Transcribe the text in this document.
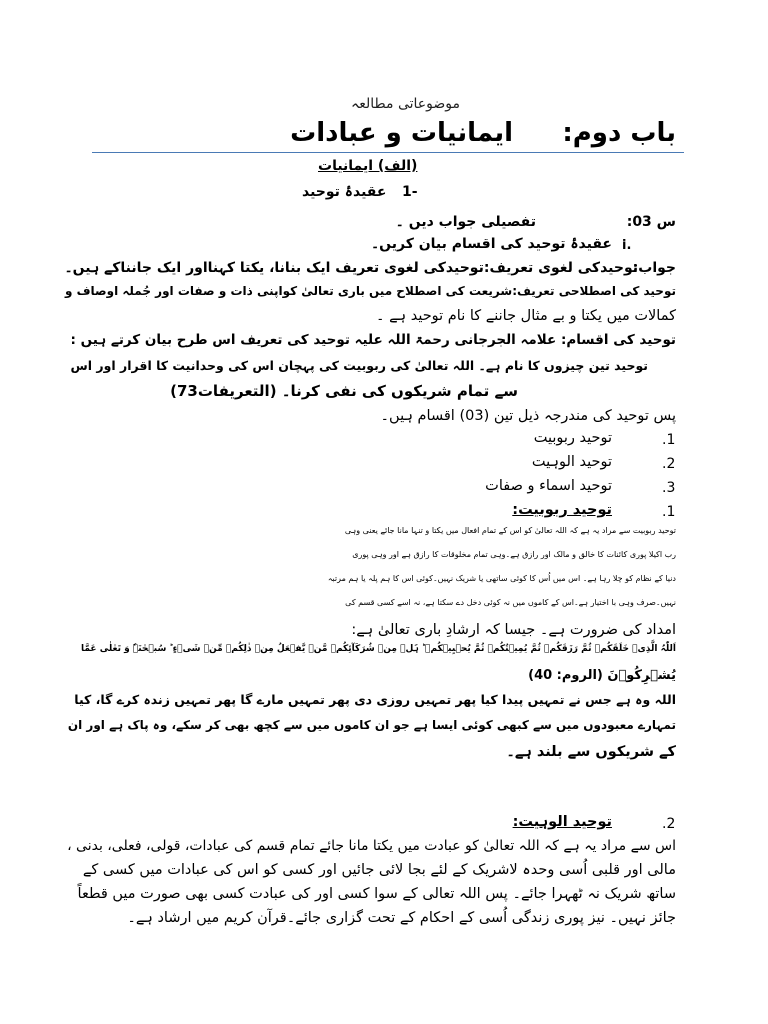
موضوعاتی مطالعہ
باب دوم:
ایمانیات و عبادات
(الف) ایمانیات
1-
عقیدۂ توحید
س 03:
تفصیلی جواب دیں ۔
i.
عقیدۂ توحید کی اقسام بیان کریں۔
جواب:
توحیدکی لغوی تعریف:توحیدکی لغوی تعریف ایک بنانا، یکتا کہنااور ایک جانناکے ہیں۔
توحید کی اصطلاحی تعریف:شریعت کی اصطلاح میں باری تعالیٰ کواپنی ذات و صفات اور جُملہ اوصاف و
کمالات میں یکتا و بے مثال جاننے کا نام توحید ہے ۔
توحید کی اقسام: علامہ الجرجانی رحمۃ اللہ علیہ توحید کی تعریف اس طرح بیان کرتے ہیں :
توحید تین چیزوں کا نام ہے۔ اللہ تعالیٰ کی ربوبیت کی پہچان اس کی وحدانیت کا اقرار اور اس
سے تمام شریکوں کی نفی کرنا۔ (التعریفات73)
پس توحید کی مندرجہ ذیل تین (03) اقسام ہیں۔
.1
توحید ربوبیت
.2
توحید الوہیت
.3
توحید اسماء و صفات
.1
توحید ربوبیت:
توحید ربوبیت سے مراد یہ ہے کہ اللہ تعالیٰ کو اس کے تمام افعال میں یکتا و تنہا مانا جائے یعنی وہی
رب اکیلا پوری کائنات کا خالق و مالک اور رازق ہے۔وہی تمام مخلوقات کا رازق ہے اور وہی پوری
دنیا کے نظام کو چلا رہا ہے۔ اس میں اُس کا کوئی ساتھی یا شریک نہیں۔کوئی اس کا ہم پلہ یا ہم مرتبہ
نہیں۔صرف وہی با اختیار ہے۔اس کے کاموں میں نہ کوئی دخل دے سکتا ہے، نہ اسے کسی قسم کی
امداد کی ضرورت ہے۔ جیسا کہ ارشادِ باری تعالیٰ ہے:
اَللّٰہُ الَّذِیۡ خَلَقَکُمۡ ثُمَّ رَزَقَکُمۡ ثُمَّ یُمِیۡتُکُمۡ ثُمَّ یُحۡیِیۡکُمۡ ؕ ہَلۡ مِنۡ شُرَکَآئِکُمۡ مَّنۡ یَّفۡعَلُ مِنۡ ذٰلِکُمۡ مِّنۡ شَیۡءٍ ؕ سُبۡحٰنَہٗ وَ تَعٰلٰی عَمَّا
یُشۡرِکُوۡنَ (الروم: 40)
اللہ وہ ہے جس نے تمہیں پیدا کیا پھر تمہیں روزی دی پھر تمہیں مارے گا پھر تمہیں زندہ کرے گا، کیا
تمہارے معبودوں میں سے کبھی کوئی ایسا ہے جو ان کاموں میں سے کچھ بھی کر سکے، وہ پاک ہے اور ان
کے شریکوں سے بلند ہے۔
.2
توحید الوہیت:
اس سے مراد یہ ہے کہ اللہ تعالیٰ کو عبادت میں یکتا مانا جائے تمام قسم کی عبادات، قولی، فعلی، بدنی ،
مالی اور قلبی اُسی وحدہ لاشریک کے لئے بجا لائی جائیں اور کسی کو اس کی عبادات میں کسی کے
ساتھ شریک نہ ٹھہرا جائے۔ پس اللہ تعالی کے سوا کسی اور کی عبادت کسی بھی صورت میں قطعاً
جائز نہیں۔ نیز پوری زندگی اُسی کے احکام کے تحت گزاری جائے۔قرآن کریم میں ارشاد ہے۔
